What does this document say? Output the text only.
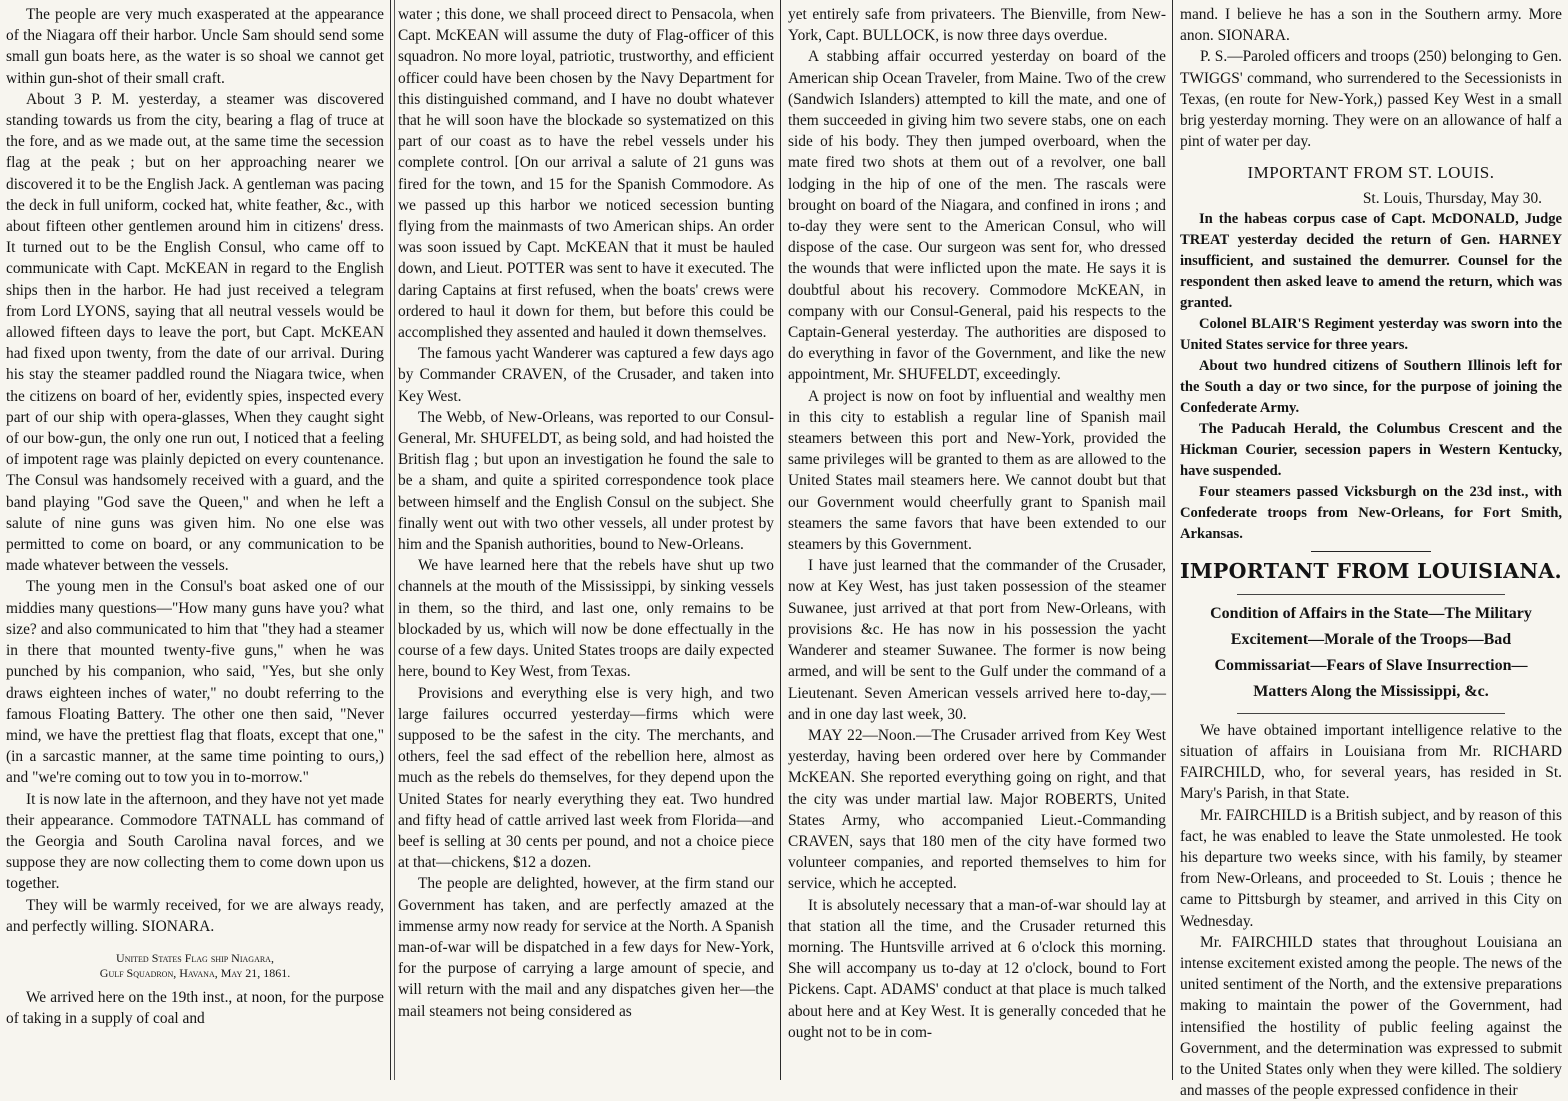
The people are very much exasperated at the appearance of the Niagara off their harbor. Uncle Sam should send some small gun boats here, as the water is so shoal we cannot get within gun-shot of their small craft.

About 3 P. M. yesterday, a steamer was discovered standing towards us from the city, bearing a flag of truce at the fore, and as we made out, at the same time the secession flag at the peak ; but on her approaching nearer we discovered it to be the English Jack. A gentleman was pacing the deck in full uniform, cocked hat, white feather, &c., with about fifteen other gentlemen around him in citizens' dress. It turned out to be the English Consul, who came off to communicate with Capt. McKEAN in regard to the English ships then in the harbor. He had just received a telegram from Lord LYONS, saying that all neutral vessels would be allowed fifteen days to leave the port, but Capt. McKEAN had fixed upon twenty, from the date of our arrival. During his stay the steamer paddled round the Niagara twice, when the citizens on board of her, evidently spies, inspected every part of our ship with opera-glasses, When they caught sight of our bow-gun, the only one run out, I noticed that a feeling of impotent rage was plainly depicted on every countenance. The Consul was handsomely received with a guard, and the band playing "God save the Queen," and when he left a salute of nine guns was given him. No one else was permitted to come on board, or any communication to be made whatever between the vessels.

The young men in the Consul's boat asked one of our middies many questions—"How many guns have you? what size? and also communicated to him that "they had a steamer in there that mounted twenty-five guns," when he was punched by his companion, who said, "Yes, but she only draws eighteen inches of water," no doubt referring to the famous Floating Battery. The other one then said, "Never mind, we have the prettiest flag that floats, except that one," (in a sarcastic manner, at the same time pointing to ours,) and "we're coming out to tow you in to-morrow."

It is now late in the afternoon, and they have not yet made their appearance. Commodore TATNALL has command of the Georgia and South Carolina naval forces, and we suppose they are now collecting them to come down upon us together.

They will be warmly received, for we are always ready, and perfectly willing. SIONARA.

United States Flag ship Niagara,
Gulf Squadron, Havana, May 21, 1861.

We arrived here on the 19th inst., at noon, for the purpose of taking in a supply of coal and

water ; this done, we shall proceed direct to Pensacola, when Capt. McKEAN will assume the duty of Flag-officer of this squadron. No more loyal, patriotic, trustworthy, and efficient officer could have been chosen by the Navy Department for this distinguished command, and I have no doubt whatever that he will soon have the blockade so systematized on this part of our coast as to have the rebel vessels under his complete control. [On our arrival a salute of 21 guns was fired for the town, and 15 for the Spanish Commodore. As we passed up this harbor we noticed secession bunting flying from the mainmasts of two American ships. An order was soon issued by Capt. McKEAN that it must be hauled down, and Lieut. POTTER was sent to have it executed. The daring Captains at first refused, when the boats' crews were ordered to haul it down for them, but before this could be accomplished they assented and hauled it down themselves.

The famous yacht Wanderer was captured a few days ago by Commander CRAVEN, of the Crusader, and taken into Key West.

The Webb, of New-Orleans, was reported to our Consul-General, Mr. SHUFELDT, as being sold, and had hoisted the British flag ; but upon an investigation he found the sale to be a sham, and quite a spirited correspondence took place between himself and the English Consul on the subject. She finally went out with two other vessels, all under protest by him and the Spanish authorities, bound to New-Orleans.

We have learned here that the rebels have shut up two channels at the mouth of the Mississippi, by sinking vessels in them, so the third, and last one, only remains to be blockaded by us, which will now be done effectually in the course of a few days. United States troops are daily expected here, bound to Key West, from Texas.

Provisions and everything else is very high, and two large failures occurred yesterday—firms which were supposed to be the safest in the city. The merchants, and others, feel the sad effect of the rebellion here, almost as much as the rebels do themselves, for they depend upon the United States for nearly everything they eat. Two hundred and fifty head of cattle arrived last week from Florida—and beef is selling at 30 cents per pound, and not a choice piece at that—chickens, $12 a dozen.

The people are delighted, however, at the firm stand our Government has taken, and are perfectly amazed at the immense army now ready for service at the North. A Spanish man-of-war will be dispatched in a few days for New-York, for the purpose of carrying a large amount of specie, and will return with the mail and any dispatches given her—the mail steamers not being considered as

yet entirely safe from privateers. The Bienville, from New-York, Capt. BULLOCK, is now three days overdue.

A stabbing affair occurred yesterday on board of the American ship Ocean Traveler, from Maine. Two of the crew (Sandwich Islanders) attempted to kill the mate, and one of them succeeded in giving him two severe stabs, one on each side of his body. They then jumped overboard, when the mate fired two shots at them out of a revolver, one ball lodging in the hip of one of the men. The rascals were brought on board of the Niagara, and confined in irons ; and to-day they were sent to the American Consul, who will dispose of the case. Our surgeon was sent for, who dressed the wounds that were inflicted upon the mate. He says it is doubtful about his recovery. Commodore McKEAN, in company with our Consul-General, paid his respects to the Captain-General yesterday. The authorities are disposed to do everything in favor of the Government, and like the new appointment, Mr. SHUFELDT, exceedingly.

A project is now on foot by influential and wealthy men in this city to establish a regular line of Spanish mail steamers between this port and New-York, provided the same privileges will be granted to them as are allowed to the United States mail steamers here. We cannot doubt but that our Government would cheerfully grant to Spanish mail steamers the same favors that have been extended to our steamers by this Government.

I have just learned that the commander of the Crusader, now at Key West, has just taken possession of the steamer Suwanee, just arrived at that port from New-Orleans, with provisions &c. He has now in his possession the yacht Wanderer and steamer Suwanee. The former is now being armed, and will be sent to the Gulf under the command of a Lieutenant. Seven American vessels arrived here to-day,—and in one day last week, 30.

MAY 22—Noon.—The Crusader arrived from Key West yesterday, having been ordered over here by Commander McKEAN. She reported everything going on right, and that the city was under martial law. Major ROBERTS, United States Army, who accompanied Lieut.-Commanding CRAVEN, says that 180 men of the city have formed two volunteer companies, and reported themselves to him for service, which he accepted.

It is absolutely necessary that a man-of-war should lay at that station all the time, and the Crusader returned this morning. The Huntsville arrived at 6 o'clock this morning. She will accompany us to-day at 12 o'clock, bound to Fort Pickens. Capt. ADAMS' conduct at that place is much talked about here and at Key West. It is generally conceded that he ought not to be in com-

mand. I believe he has a son in the Southern army. More anon. SIONARA.

P. S.—Paroled officers and troops (250) belonging to Gen. TWIGGS' command, who surrendered to the Secessionists in Texas, (en route for New-York,) passed Key West in a small brig yesterday morning. They were on an allowance of half a pint of water per day.

IMPORTANT FROM ST. LOUIS.
St. Louis, Thursday, May 30.

In the habeas corpus case of Capt. McDONALD, Judge TREAT yesterday decided the return of Gen. HARNEY insufficient, and sustained the demurrer. Counsel for the respondent then asked leave to amend the return, which was granted.

Colonel BLAIR'S Regiment yesterday was sworn into the United States service for three years.

About two hundred citizens of Southern Illinois left for the South a day or two since, for the purpose of joining the Confederate Army.

The Paducah Herald, the Columbus Crescent and the Hickman Courier, secession papers in Western Kentucky, have suspended.

Four steamers passed Vicksburgh on the 23d inst., with Confederate troops from New-Orleans, for Fort Smith, Arkansas.

IMPORTANT FROM LOUISIANA.
Condition of Affairs in the State—The Military Excitement—Morale of the Troops—Bad Commissariat—Fears of Slave Insurrection—Matters Along the Mississippi, &c.

We have obtained important intelligence relative to the situation of affairs in Louisiana from Mr. RICHARD FAIRCHILD, who, for several years, has resided in St. Mary's Parish, in that State.

Mr. FAIRCHILD is a British subject, and by reason of this fact, he was enabled to leave the State unmolested. He took his departure two weeks since, with his family, by steamer from New-Orleans, and proceeded to St. Louis ; thence he came to Pittsburgh by steamer, and arrived in this City on Wednesday.

Mr. FAIRCHILD states that throughout Louisiana an intense excitement existed among the people. The news of the united sentiment of the North, and the extensive preparations making to maintain the power of the Government, had intensified the hostility of public feeling against the Government, and the determination was expressed to submit to the United States only when they were killed. The soldiery and masses of the people expressed confidence in their
